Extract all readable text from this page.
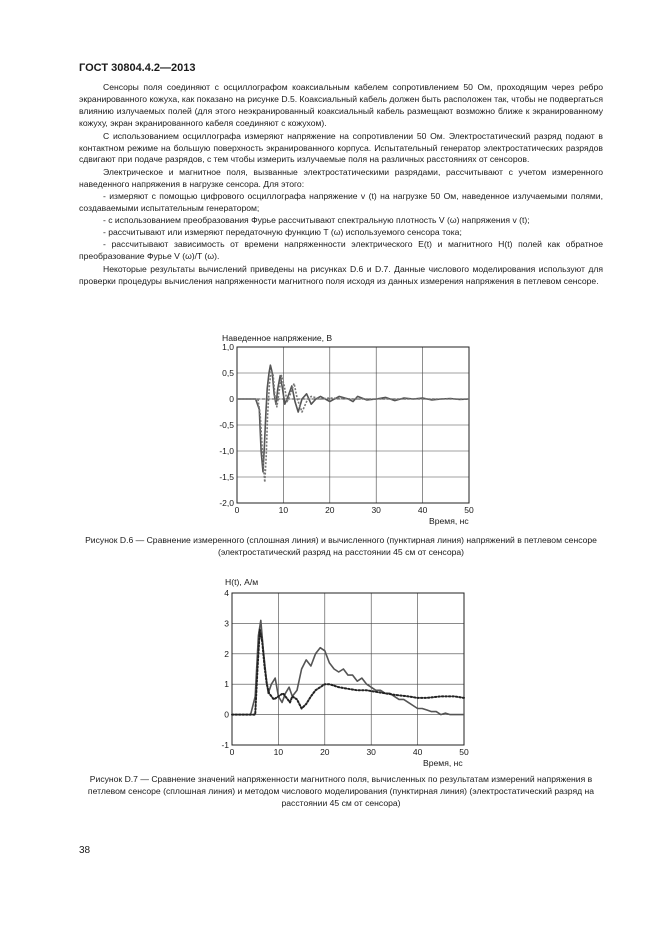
ГОСТ 30804.4.2—2013

Сенсоры поля соединяют с осциллографом коаксиальным кабелем сопротивлением 50 Ом, проходящим через ребро экранированного кожуха, как показано на рисунке D.5. Коаксиальный кабель должен быть расположен так, чтобы не подвергаться влиянию излучаемых полей (для этого неэкранированный коаксиальный кабель размещают возможно ближе к экранированному кожуху, экран экранированного кабеля соединяют с кожухом).

С использованием осциллографа измеряют напряжение на сопротивлении 50 Ом. Электростатический разряд подают в контактном режиме на большую поверхность экранированного корпуса. Испытательный генератор электростатических разрядов сдвигают при подаче разрядов, с тем чтобы измерить излучаемые поля на различных расстояниях от сенсоров.

Электрическое и магнитное поля, вызванные электростатическими разрядами, рассчитывают с учетом измеренного наведенного напряжения в нагрузке сенсора. Для этого:

- измеряют с помощью цифрового осциллографа напряжение v (t) на нагрузке 50 Ом, наведенное излучаемыми полями, создаваемыми испытательным генератором;

- с использованием преобразования Фурье рассчитывают спектральную плотность V (ω) напряжения v (t);

- рассчитывают или измеряют передаточную функцию T (ω) используемого сенсора тока;

- рассчитывают зависимость от времени напряженности электрического E(t) и магнитного H(t) полей как обратное преобразование Фурье V (ω)/T (ω).

Некоторые результаты вычислений приведены на рисунках D.6 и D.7. Данные числового моделирования используют для проверки процедуры вычисления напряженности магнитного поля исходя из данных измерения напряжения в петлевом сенсоре.

0	10	20	30	40	50
1,0
0,5
0
-0,5
-1,0
-1,5
-2,0
Наведенное напряжение, В
Время, нс
Рисунок D.6 — Сравнение измеренного (сплошная линия) и вычисленного (пунктирная линия) напряжений в петлевом сенсоре (электростатический разряд на расстоянии 45 см от сенсора)
0	10	20	30	40	50
4
3
2
1
0
-1
H(t), А/м
Время, нс
Рисунок D.7 — Сравнение значений напряженности магнитного поля, вычисленных по результатам измерений напряжения в петлевом сенсоре (сплошная линия) и методом числового моделирования (пунктирная линия) (электростатический разряд на расстоянии 45 см от сенсора)
38
